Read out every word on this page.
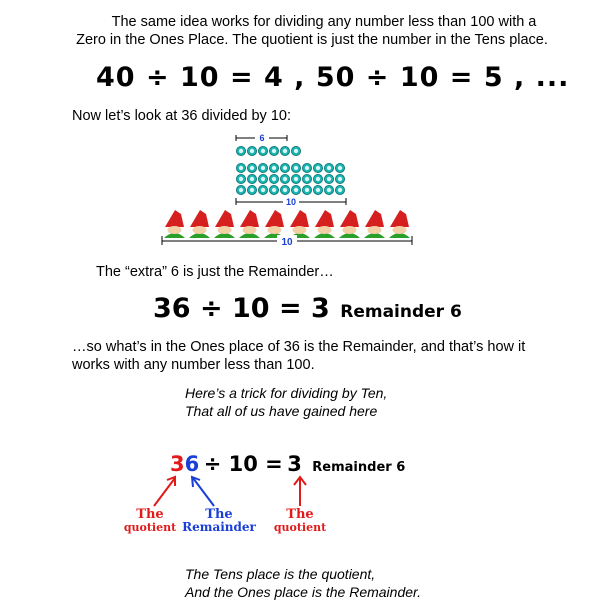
The same idea works for dividing any number less than 100 with a
Zero in the Ones Place. The quotient is just the number in the Tens place.
40 ÷ 10 = 4 , 50 ÷ 10 = 5 , ...
Now let’s look at 36 divided by 10:
6
10
10
The “extra” 6 is just the Remainder…
36 ÷ 10 = 3 Remainder 6
…so what’s in the Ones place of 36 is the Remainder, and that’s how it
works with any number less than 100.
Here’s a trick for dividing by Ten,
That all of us have gained here
36 ÷ 10 = 3 Remainder 6
The
quotient
The
Remainder
The
quotient
The Tens place is the quotient,
And the Ones place is the Remainder.
